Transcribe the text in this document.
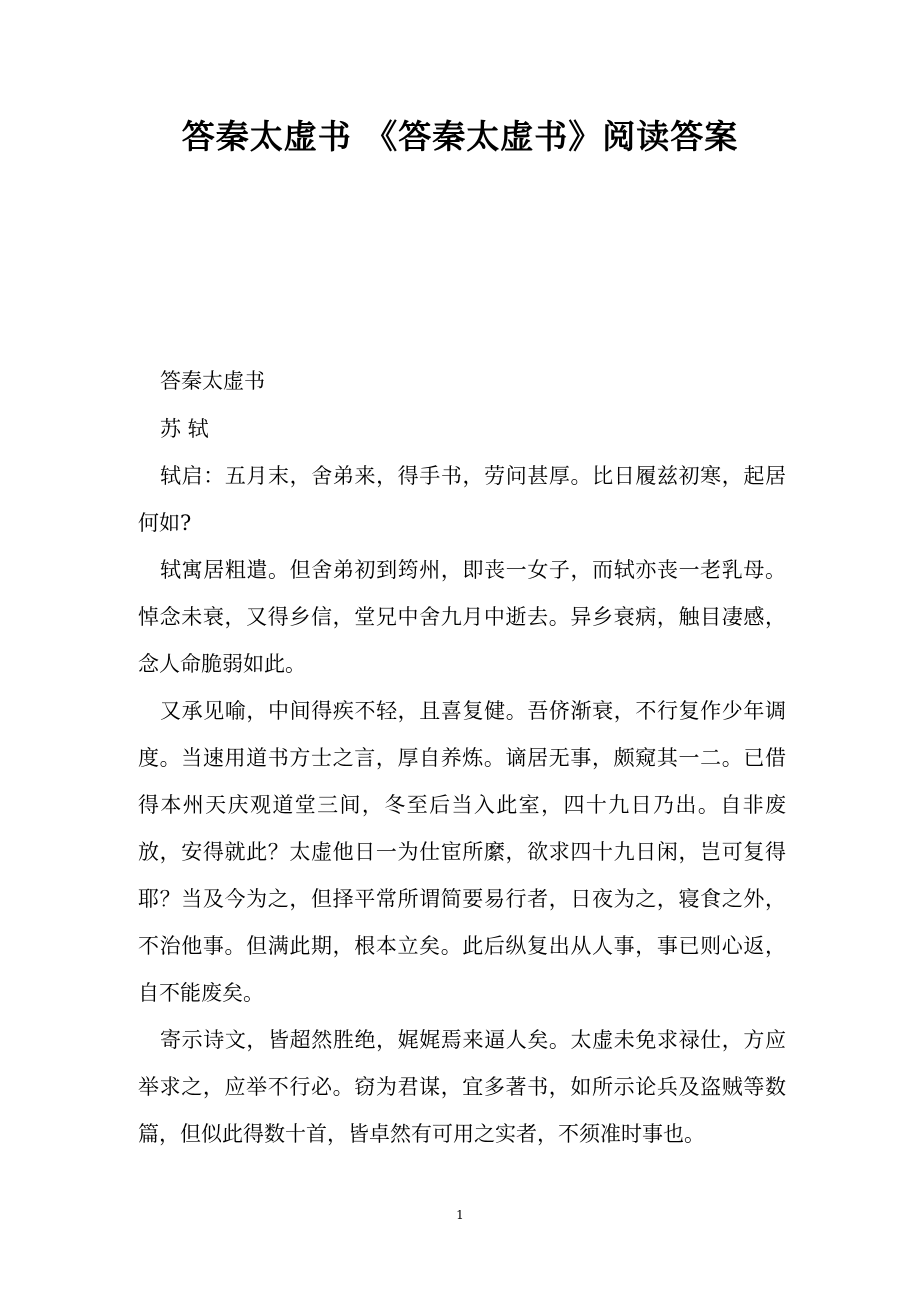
答秦太虚书 《答秦太虚书》阅读答案

答秦太虚书

苏 轼

轼启：五月末，舍弟来，得手书，劳问甚厚。比日履兹初寒，起居何如?

轼寓居粗遣。但舍弟初到筠州，即丧一女子，而轼亦丧一老乳母。悼念未衰，又得乡信，堂兄中舍九月中逝去。异乡衰病，触目凄感，念人命脆弱如此。

又承见喻，中间得疾不轻，且喜复健。吾侪渐衰，不行复作少年调度。当速用道书方士之言，厚自养炼。谪居无事，颇窥其一二。已借得本州天庆观道堂三间，冬至后当入此室，四十九日乃出。自非废放，安得就此？太虚他日一为仕宦所縻，欲求四十九日闲，岂可复得耶？当及今为之，但择平常所谓简要易行者，日夜为之，寝食之外，不治他事。但满此期，根本立矣。此后纵复出从人事，事已则心返，自不能废矣。

寄示诗文，皆超然胜绝，娓娓焉来逼人矣。太虚未免求禄仕，方应举求之，应举不行必。窃为君谋，宜多著书，如所示论兵及盗贼等数篇，但似此得数十首，皆卓然有可用之实者，不须准时事也。

1
